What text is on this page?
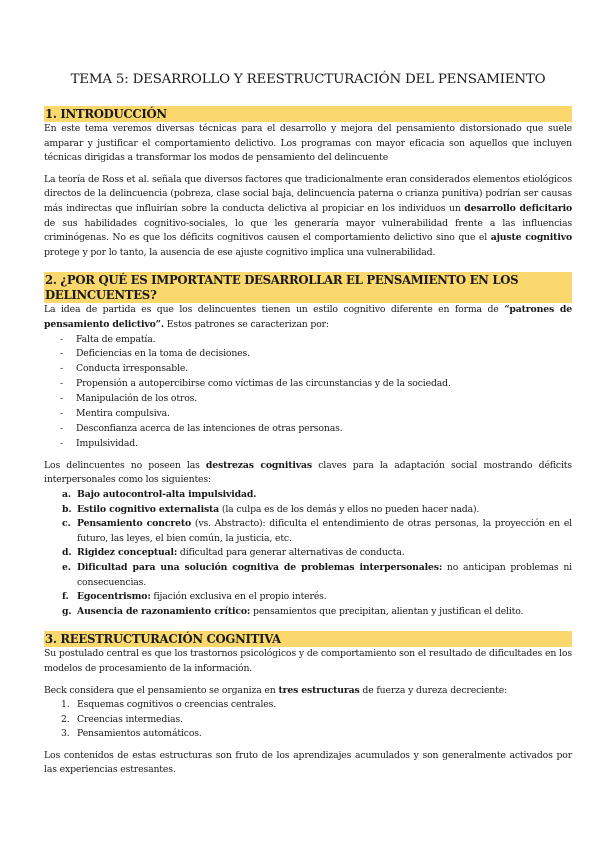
TEMA 5: DESARROLLO Y REESTRUCTURACIÓN DEL PENSAMIENTO
1. INTRODUCCIÓN

En este tema veremos diversas técnicas para el desarrollo y mejora del pensamiento distorsionado que suele amparar y justificar el comportamiento delictivo. Los programas con mayor eficacia son aquellos que incluyen técnicas dirigidas a transformar los modos de pensamiento del delincuente

La teoría de Ross et al. señala que diversos factores que tradicionalmente eran considerados elementos etiológicos directos de la delincuencia (pobreza, clase social baja, delincuencia paterna o crianza punitiva) podrían ser causas más indirectas que influirían sobre la conducta delictiva al propiciar en los individuos un desarrollo deficitario de sus habilidades cognitivo-sociales, lo que les generaría mayor vulnerabilidad frente a las influencias criminógenas. No es que los déficits cognitivos causen el comportamiento delictivo sino que el ajuste cognitivo protege y por lo tanto, la ausencia de ese ajuste cognitivo implica una vulnerabilidad.

2. ¿POR QUÉ ES IMPORTANTE DESARROLLAR EL PENSAMIENTO EN LOS DELINCUENTES?

La idea de partida es que los delincuentes tienen un estilo cognitivo diferente en forma de “patrones de pensamiento delictivo”. Estos patrones se caracterizan por:

- Falta de empatía.
- Deficiencias en la toma de decisiones.
- Conducta irresponsable.
- Propensión a autopercibirse como víctimas de las circunstancias y de la sociedad.
- Manipulación de los otros.
- Mentira compulsiva.
- Desconfianza acerca de las intenciones de otras personas.
- Impulsividad.

Los delincuentes no poseen las destrezas cognitivas claves para la adaptación social mostrando déficits interpersonales como los siguientes:

a. Bajo autocontrol-alta impulsividad.
b. Estilo cognitivo externalista (la culpa es de los demás y ellos no pueden hacer nada).
c. Pensamiento concreto (vs. Abstracto): dificulta el entendimiento de otras personas, la proyección en el futuro, las leyes, el bien común, la justicia, etc.
d. Rigidez conceptual: dificultad para generar alternativas de conducta.
e. Dificultad para una solución cognitiva de problemas interpersonales: no anticipan problemas ni consecuencias.
f. Egocentrismo: fijación exclusiva en el propio interés.
g. Ausencia de razonamiento crítico: pensamientos que precipitan, alientan y justifican el delito.
3. REESTRUCTURACIÓN COGNITIVA

Su postulado central es que los trastornos psicológicos y de comportamiento son el resultado de dificultades en los modelos de procesamiento de la información.

Beck considera que el pensamiento se organiza en tres estructuras de fuerza y dureza decreciente:

1. Esquemas cognitivos o creencias centrales.
2. Creencias intermedias.
3. Pensamientos automáticos.

Los contenidos de estas estructuras son fruto de los aprendizajes acumulados y son generalmente activados por las experiencias estresantes.
